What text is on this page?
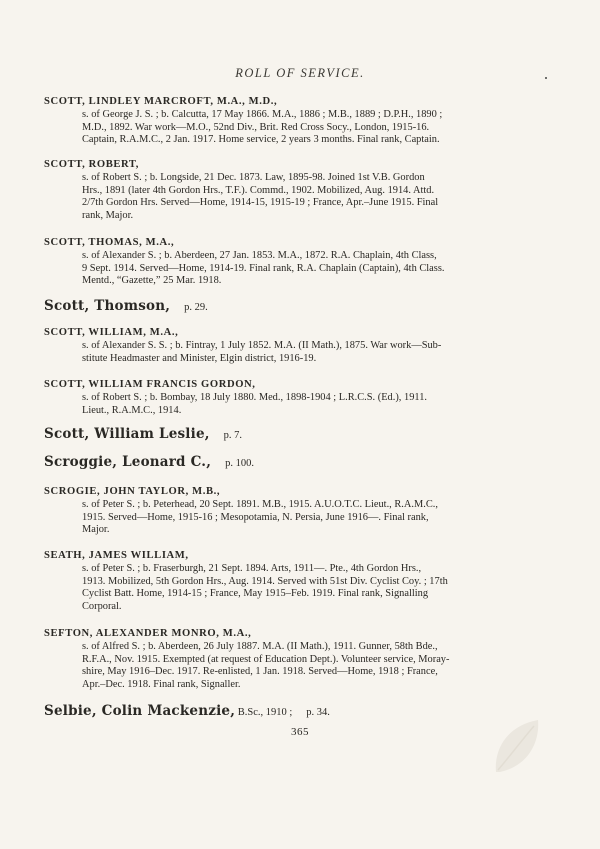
ROLL OF SERVICE.
SCOTT, LINDLEY MARCROFT, M.A., M.D.,
s. of George J. S. ; b. Calcutta, 17 May 1866. M.A., 1886 ; M.B., 1889 ; D.P.H., 1890 ;
M.D., 1892. War work—M.O., 52nd Div., Brit. Red Cross Socy., London, 1915-16.
Captain, R.A.M.C., 2 Jan. 1917. Home service, 2 years 3 months. Final rank, Captain.
SCOTT, ROBERT,
s. of Robert S. ; b. Longside, 21 Dec. 1873. Law, 1895-98. Joined 1st V.B. Gordon
Hrs., 1891 (later 4th Gordon Hrs., T.F.). Commd., 1902. Mobilized, Aug. 1914. Attd.
2/7th Gordon Hrs. Served—Home, 1914-15, 1915-19 ; France, Apr.–June 1915. Final
rank, Major.
SCOTT, THOMAS, M.A.,
s. of Alexander S. ; b. Aberdeen, 27 Jan. 1853. M.A., 1872. R.A. Chaplain, 4th Class,
9 Sept. 1914. Served—Home, 1914-19. Final rank, R.A. Chaplain (Captain), 4th Class.
Mentd., “Gazette,” 25 Mar. 1918.
Scott, Thomson, p. 29.
SCOTT, WILLIAM, M.A.,
s. of Alexander S. S. ; b. Fintray, 1 July 1852. M.A. (II Math.), 1875. War work—Sub-
stitute Headmaster and Minister, Elgin district, 1916-19.
SCOTT, WILLIAM FRANCIS GORDON,
s. of Robert S. ; b. Bombay, 18 July 1880. Med., 1898-1904 ; L.R.C.S. (Ed.), 1911.
Lieut., R.A.M.C., 1914.
Scott, William Leslie, p. 7.
Scroggie, Leonard C., p. 100.
SCROGIE, JOHN TAYLOR, M.B.,
s. of Peter S. ; b. Peterhead, 20 Sept. 1891. M.B., 1915. A.U.O.T.C. Lieut., R.A.M.C.,
1915. Served—Home, 1915-16 ; Mesopotamia, N. Persia, June 1916—. Final rank,
Major.
SEATH, JAMES WILLIAM,
s. of Peter S. ; b. Fraserburgh, 21 Sept. 1894. Arts, 1911—. Pte., 4th Gordon Hrs.,
1913. Mobilized, 5th Gordon Hrs., Aug. 1914. Served with 51st Div. Cyclist Coy. ; 17th
Cyclist Batt. Home, 1914-15 ; France, May 1915–Feb. 1919. Final rank, Signalling
Corporal.
SEFTON, ALEXANDER MONRO, M.A.,
s. of Alfred S. ; b. Aberdeen, 26 July 1887. M.A. (II Math.), 1911. Gunner, 58th Bde.,
R.F.A., Nov. 1915. Exempted (at request of Education Dept.). Volunteer service, Moray-
shire, May 1916–Dec. 1917. Re-enlisted, 1 Jan. 1918. Served—Home, 1918 ; France,
Apr.–Dec. 1918. Final rank, Signaller.
Selbie, Colin Mackenzie, B.Sc., 1910 ; p. 34.
365
